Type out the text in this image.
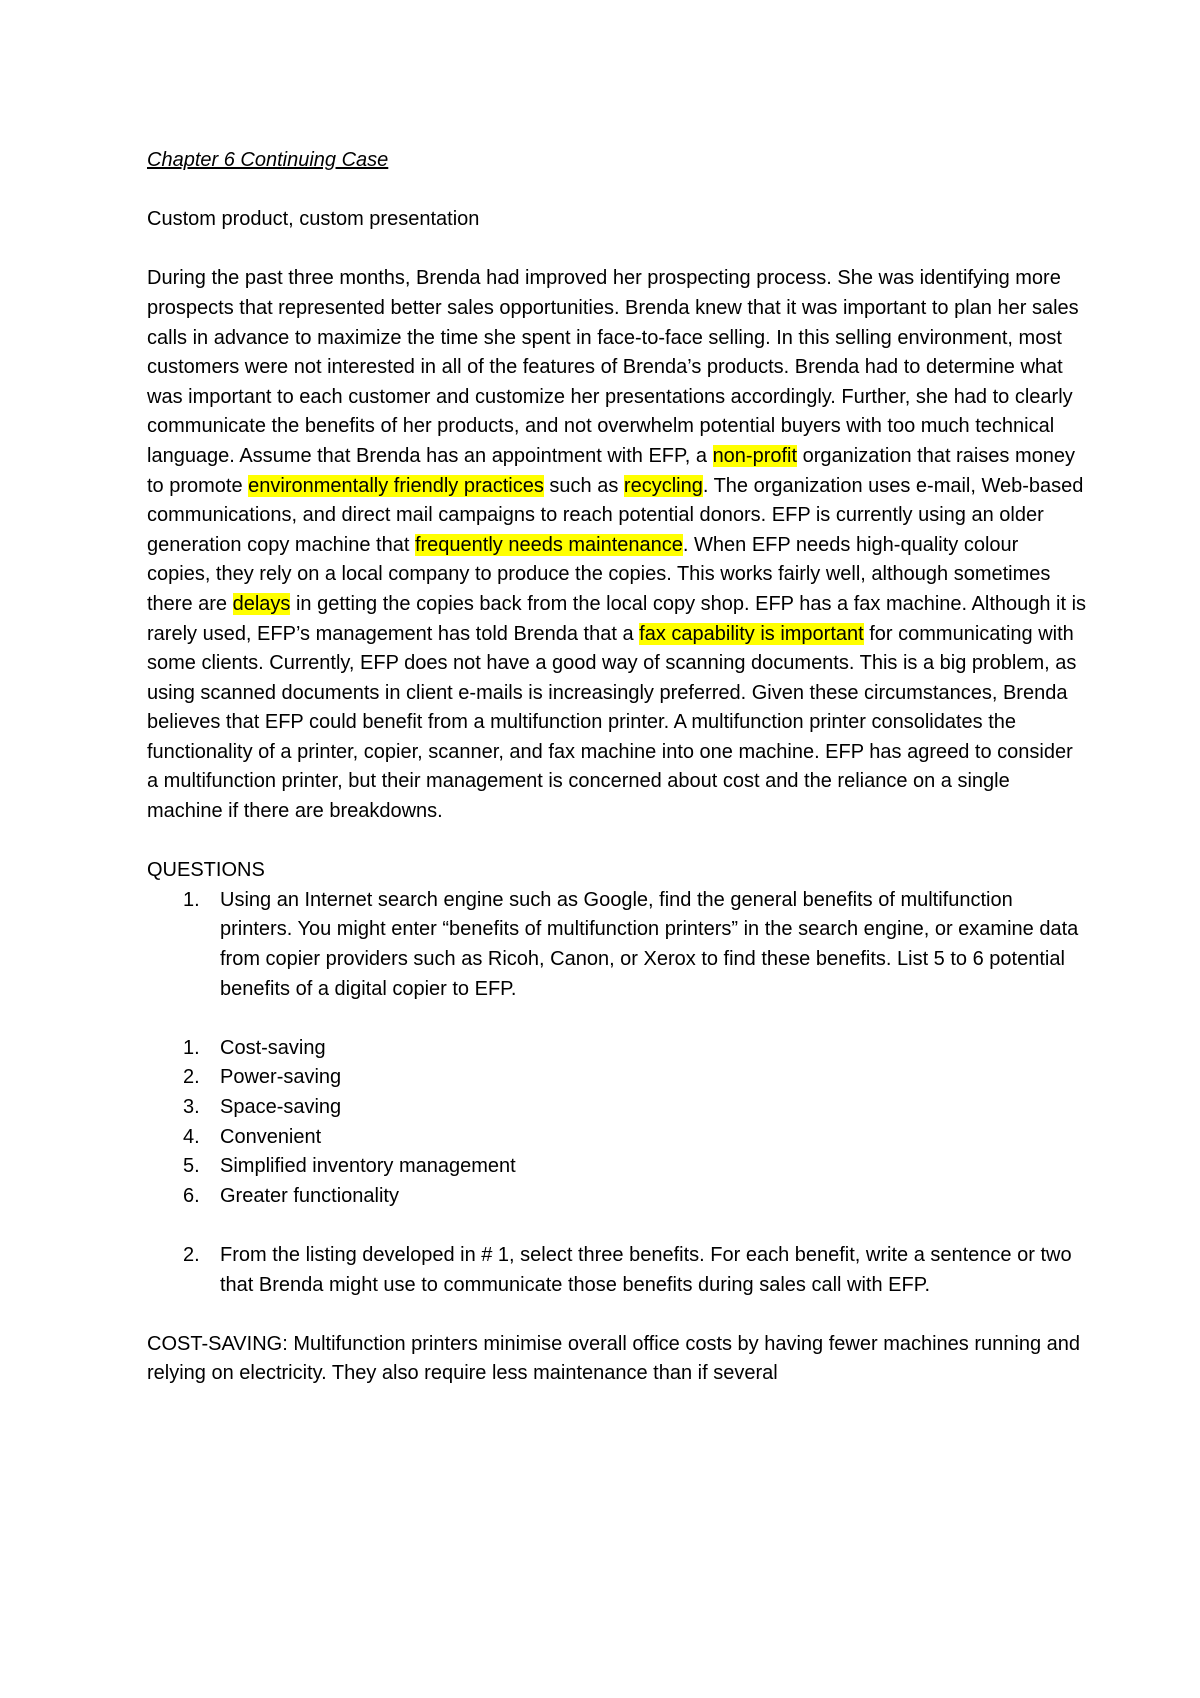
Chapter 6 Continuing Case

Custom product, custom presentation

During the past three months, Brenda had improved her prospecting process. She was identifying more prospects that represented better sales opportunities. Brenda knew that it was important to plan her sales calls in advance to maximize the time she spent in face-to-face selling. In this selling environment, most customers were not interested in all of the features of Brenda’s products. Brenda had to determine what was important to each customer and customize her presentations accordingly. Further, she had to clearly communicate the benefits of her products, and not overwhelm potential buyers with too much technical language. Assume that Brenda has an appointment with EFP, a non-profit organization that raises money to promote environmentally friendly practices such as recycling. The organization uses e-mail, Web-based communications, and direct mail campaigns to reach potential donors. EFP is currently using an older generation copy machine that frequently needs maintenance. When EFP needs high-quality colour copies, they rely on a local company to produce the copies. This works fairly well, although sometimes there are delays in getting the copies back from the local copy shop. EFP has a fax machine. Although it is rarely used, EFP’s management has told Brenda that a fax capability is important for communicating with some clients. Currently, EFP does not have a good way of scanning documents. This is a big problem, as using scanned documents in client e-mails is increasingly preferred. Given these circumstances, Brenda believes that EFP could benefit from a multifunction printer. A multifunction printer consolidates the functionality of a printer, copier, scanner, and fax machine into one machine. EFP has agreed to consider a multifunction printer, but their management is concerned about cost and the reliance on a single machine if there are breakdowns.

QUESTIONS

1. Using an Internet search engine such as Google, find the general benefits of multifunction printers. You might enter “benefits of multifunction printers” in the search engine, or examine data from copier providers such as Ricoh, Canon, or Xerox to find these benefits. List 5 to 6 potential benefits of a digital copier to EFP.
1. Cost-saving
2. Power-saving
3. Space-saving
4. Convenient
5. Simplified inventory management
6. Greater functionality
2. From the listing developed in # 1, select three benefits. For each benefit, write a sentence or two that Brenda might use to communicate those benefits during sales call with EFP.

COST-SAVING: Multifunction printers minimise overall office costs by having fewer machines running and relying on electricity. They also require less maintenance than if several
